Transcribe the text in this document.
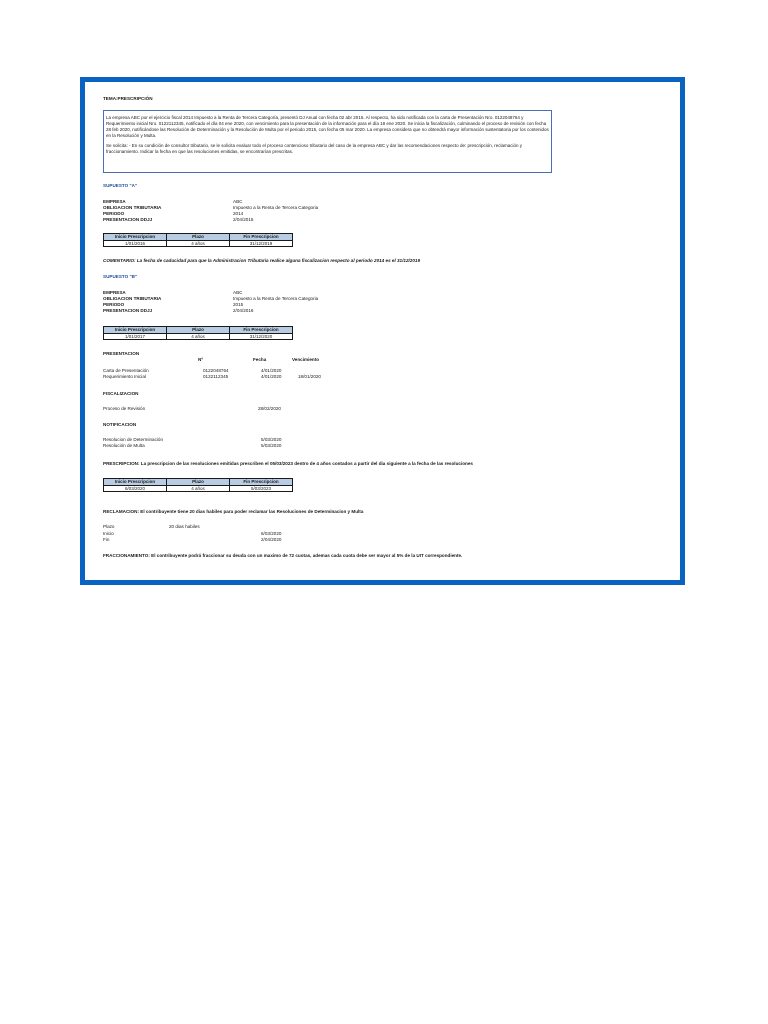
TEMA:PRESCRIPCIÓN

La empresa ABC por el ejercicio fiscal 2014 Impuesto a la Renta de Tercera Categoría, presentó DJ Anual con fecha 02 abr 2015. Al respecto, ha sido notificada con la carta de Presentación Nro. 0122048764 y Requerimiento inicial Nro. 0122112345, notificado el día 04 ene 2020, con vencimiento para la presentación de la información para el día 18 ene 2020. Se inicia la fiscalización, culminando el proceso de revisión con fecha 28 feb 2020, notificándose las Resolución de Determinación y la Resolución de Multa por el periodo 2015, con fecha 05 mar 2020. La empresa considera que no obtendrá mayor información sustentatoria por los contenidos en la Resolución y Multa.

Se solicita: - En su condición de consultor tributario, se le solicita evaluar todo el proceso contencioso tributario del caso de la empresa ABC y dar las recomendaciones respecto de: prescripción, reclamación y fraccionamiento. Indicar la fecha en que las resoluciones emitidas, se encontrarían prescritas.

SUPUESTO "A"
EMPRESA	ABC
OBLIGACION TRIBUTARIA	Impuesto a la Renta de Tercera Categoria
PERIODO	2014
PRESENTACION DDJJ	2/04/2015
Inicio Prescripcion	Plazo	Fin Prescripcion
1/01/2016	4 años	31/12/2019
COMENTARIO: La fecha de caducidad para que la Administracion Tributaria realice alguna fiscalizacion respecto al periodo 2014 es el 31/12/2019
SUPUESTO "B"
EMPRESA	ABC
OBLIGACION TRIBUTARIA	Impuesto a la Renta de Tercera Categoria
PERIODO	2015
PRESENTACION DDJJ	2/04/2016
Inicio Prescripcion	Plazo	Fin Prescripcion
1/01/2017	4 años	31/12/2020
PRESENTACION
Nº	Fecha	Vencimiento
Carta de Presentación	0122048764	4/01/2020
Requerimiento Inicial	0122112345	4/01/2020	18/01/2020
FISCALIZACION
Proceso de Revisión	28/02/2020
NOTIFICACION
Resolucion de Determinación	5/03/2020
Resolución de Multa	5/03/2020
PRESCRIPCION: La prescripcion de las resoluciones emitidas prescriben el 05/03/2023 dentro de 4 años contados a partir del dia siguiente a la fecha de las resoluciones
Inicio Prescripcion	Plazo	Fin Prescripcion
6/03/2020	4 años	5/03/2023
RECLAMACION: El contribuyente tiene 20 dias habiles para poder reclamar las Resoluciones de Determinacion y Multa
Plazo	20 dias habiles
Inicio	6/03/2020
Fin	2/04/2020
FRACCIONAMIENTO: El contribuyente podrá fraccionar su deuda con un maximo de 72 cuotas, ademas cada cuota debe ser mayor al 5% de la UIT correspondiente.
